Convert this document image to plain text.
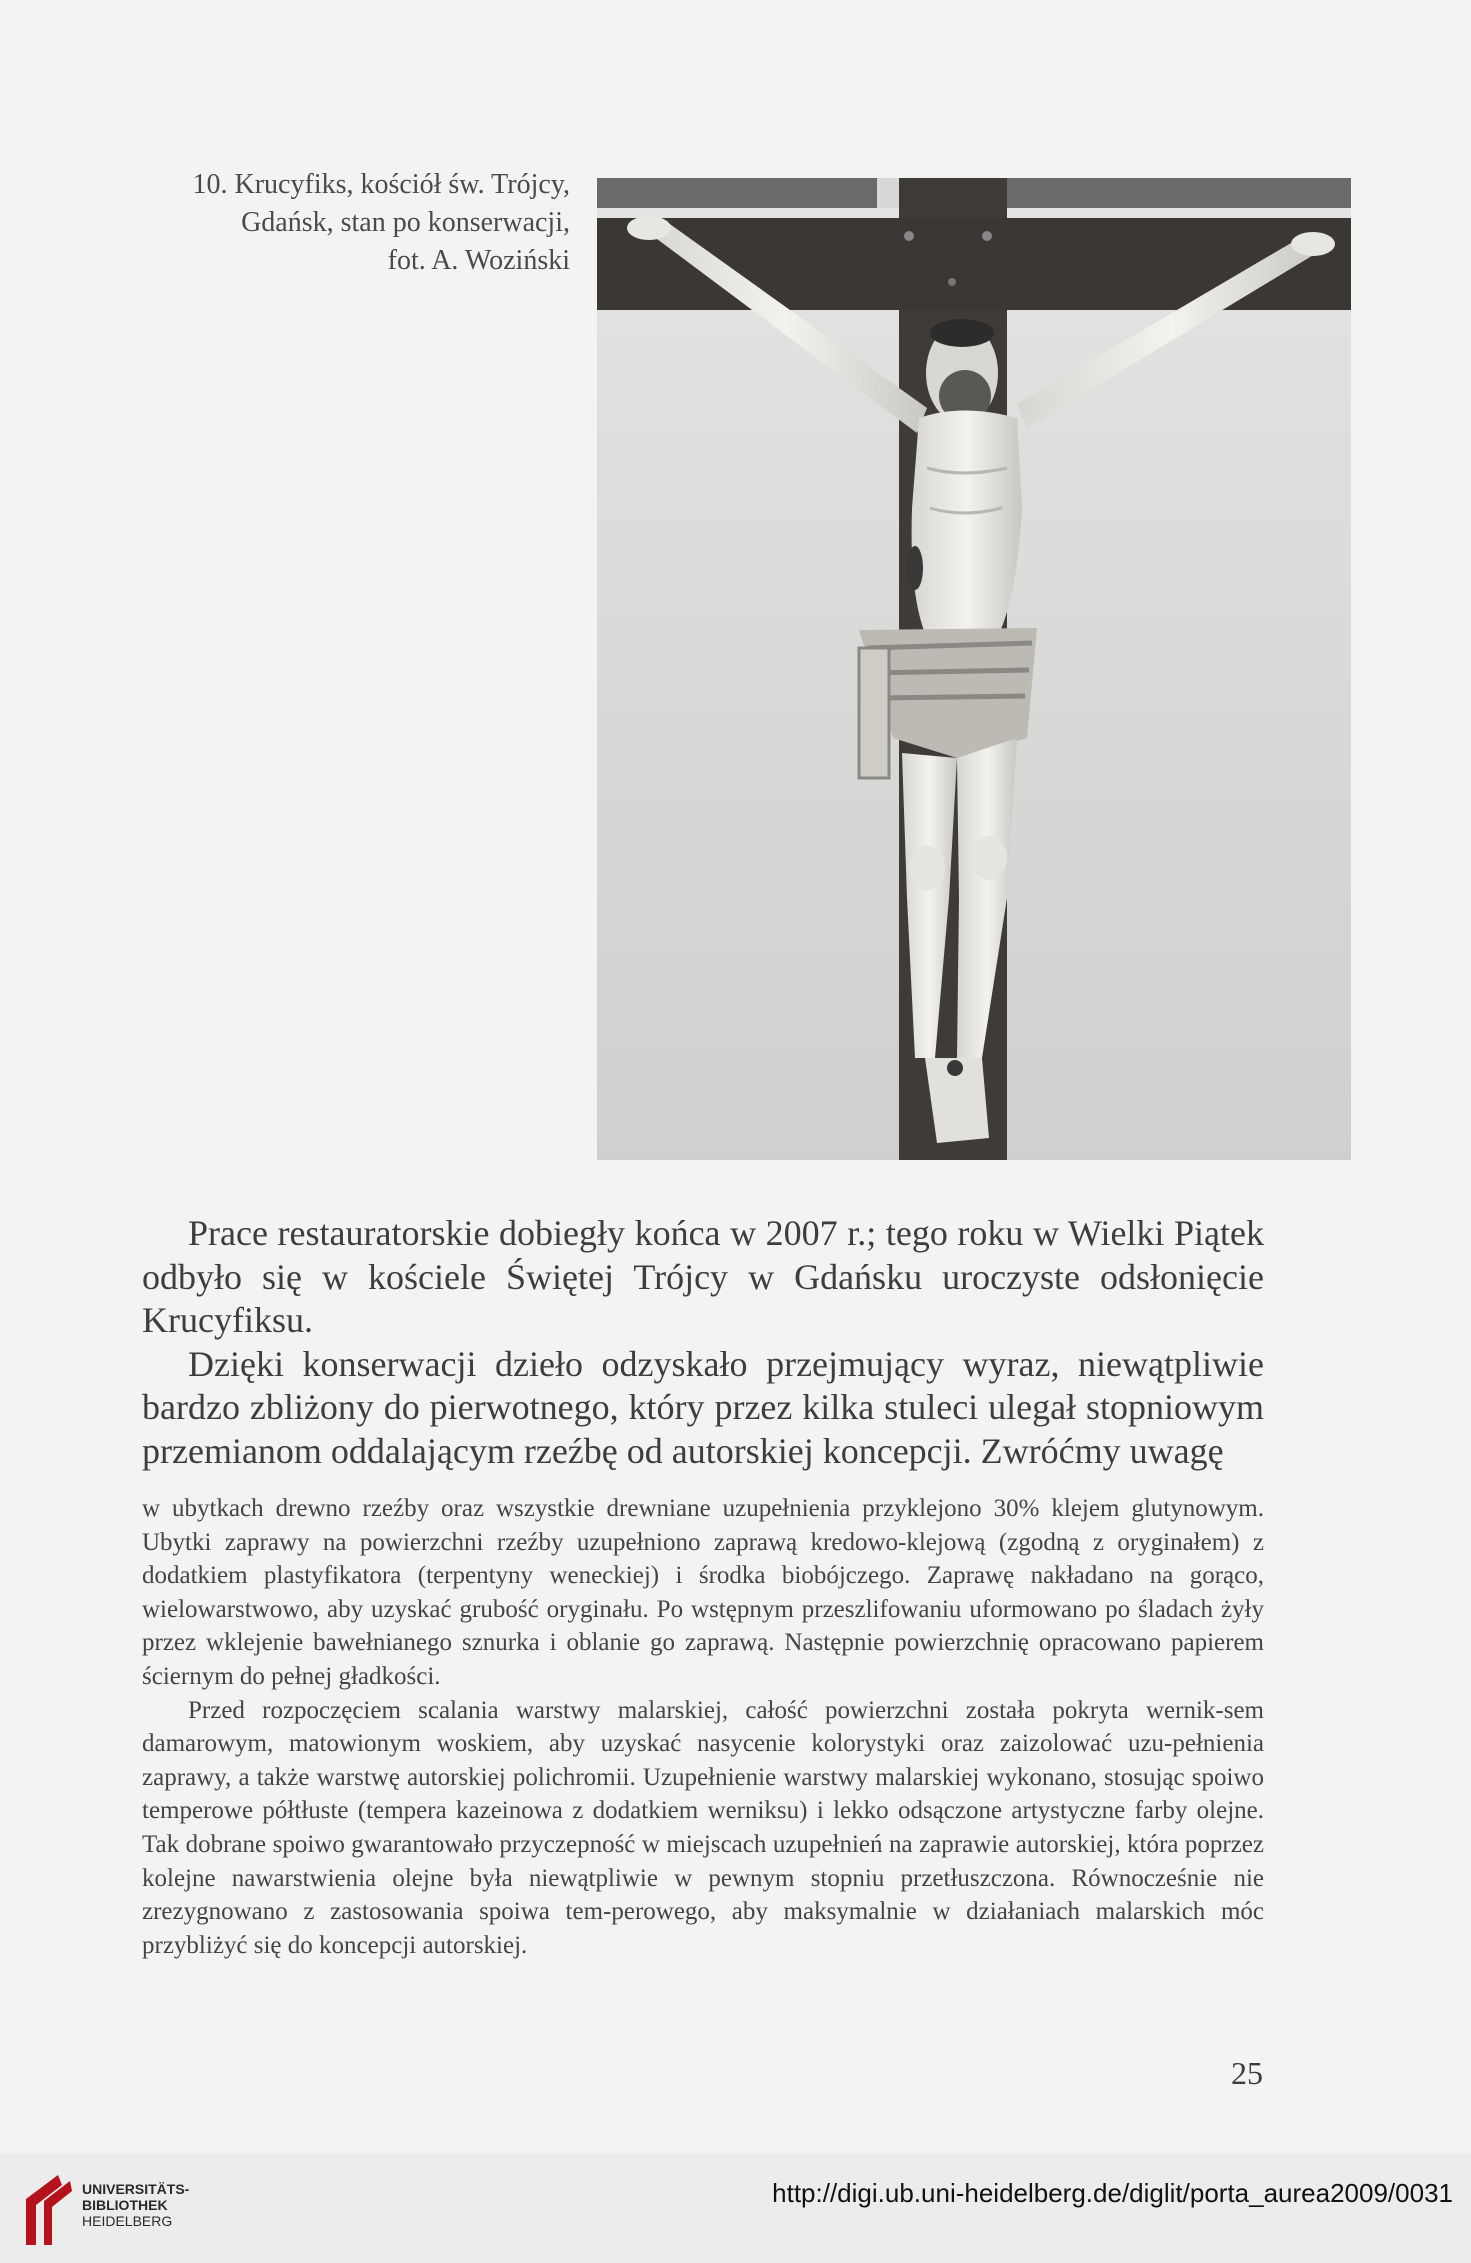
10. Krucyfiks, kościół św. Trójcy,
Gdańsk, stan po konserwacji,
fot. A. Woziński

Prace restauratorskie dobiegły końca w 2007 r.; tego roku w Wielki Piątek odbyło się w kościele Świętej Trójcy w Gdańsku uroczyste odsłonięcie Krucyfiksu.

Dzięki konserwacji dzieło odzyskało przejmujący wyraz, niewątpliwie bardzo zbliżony do pierwotnego, który przez kilka stuleci ulegał stopniowym przemianom oddalającym rzeźbę od autorskiej koncepcji. Zwróćmy uwagę

w ubytkach drewno rzeźby oraz wszystkie drewniane uzupełnienia przyklejono 30% klejem glutynowym. Ubytki zaprawy na powierzchni rzeźby uzupełniono zaprawą kredowo-klejową (zgodną z oryginałem) z dodatkiem plastyfikatora (terpentyny weneckiej) i środka biobójczego. Zaprawę nakładano na gorąco, wielowarstwowo, aby uzyskać grubość oryginału. Po wstępnym przeszlifowaniu uformowano po śladach żyły przez wklejenie bawełnianego sznurka i oblanie go zaprawą. Następnie powierzchnię opracowano papierem ściernym do pełnej gładkości.

Przed rozpoczęciem scalania warstwy malarskiej, całość powierzchni została pokryta wernik-sem damarowym, matowionym woskiem, aby uzyskać nasycenie kolorystyki oraz zaizolować uzu-pełnienia zaprawy, a także warstwę autorskiej polichromii. Uzupełnienie warstwy malarskiej wykonano, stosując spoiwo temperowe półtłuste (tempera kazeinowa z dodatkiem werniksu) i lekko odsączone artystyczne farby olejne. Tak dobrane spoiwo gwarantowało przyczepność w miejscach uzupełnień na zaprawie autorskiej, która poprzez kolejne nawarstwienia olejne była niewątpliwie w pewnym stopniu przetłuszczona. Równocześnie nie zrezygnowano z zastosowania spoiwa tem-perowego, aby maksymalnie w działaniach malarskich móc przybliżyć się do koncepcji autorskiej.

25
UNIVERSITÄTS-
BIBLIOTHEK
HEIDELBERG
http://digi.ub.uni-heidelberg.de/diglit/porta_aurea2009/0031
